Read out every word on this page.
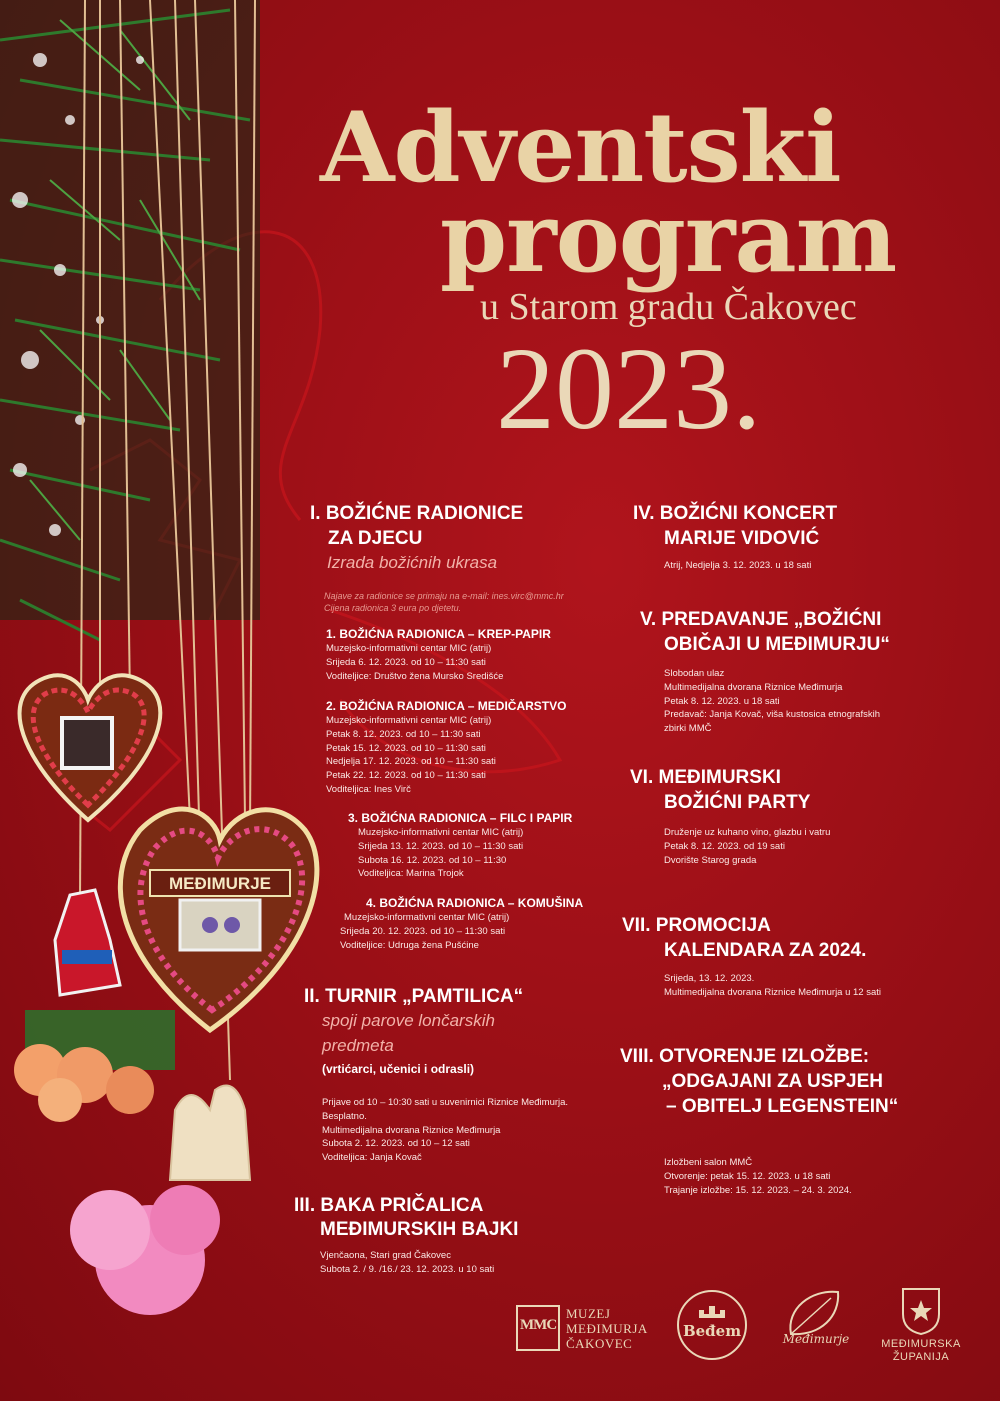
MEĐIMURJE
Adventski
program
u Starom gradu Čakovec
2023.
I. BOŽIĆNE RADIONICE
ZA DJECU
Izrada božićnih ukrasa
Najave za radionice se primaju na e-mail: ines.virc@mmc.hr
Cijena radionica 3 eura po djetetu.
1. BOŽIĆNA RADIONICA – KREP-PAPIR
Muzejsko-informativni centar MIC (atrij)
Srijeda 6. 12. 2023. od 10 – 11:30 sati
Voditeljice: Društvo žena Mursko Središće
2. BOŽIĆNA RADIONICA – MEDIČARSTVO
Muzejsko-informativni centar MIC (atrij)
Petak 8. 12. 2023. od 10 – 11:30 sati
Petak 15. 12. 2023. od 10 – 11:30 sati
Nedjelja 17. 12. 2023. od 10 – 11:30 sati
Petak 22. 12. 2023. od 10 – 11:30 sati
Voditeljica: Ines Virč
3. BOŽIĆNA RADIONICA – FILC I PAPIR
Muzejsko-informativni centar MIC (atrij)
Srijeda 13. 12. 2023. od 10 – 11:30 sati
Subota 16. 12. 2023. od 10 – 11:30
Voditeljica: Marina Trojok
4. BOŽIĆNA RADIONICA – KOMUŠINA
Muzejsko-informativni centar MIC (atrij)
Srijeda 20. 12. 2023. od 10 – 11:30 sati
Voditeljice: Udruga žena Pušćine
II. TURNIR „PAMTILICA“
spoji parove lončarskih
predmeta
(vrtićarci, učenici i odrasli)
Prijave od 10 – 10:30 sati u suvenirnici Riznice Međimurja.
Besplatno.
Multimedijalna dvorana Riznice Međimurja
Subota 2. 12. 2023. od 10 – 12 sati
Voditeljica: Janja Kovač
III. BAKA PRIČALICA
MEĐIMURSKIH BAJKI
Vjenčaona, Stari grad Čakovec
Subota 2. / 9. /16./ 23. 12. 2023. u 10 sati
IV. BOŽIĆNI KONCERT
MARIJE VIDOVIĆ
Atrij, Nedjelja 3. 12. 2023. u 18 sati
V. PREDAVANJE „BOŽIĆNI
OBIČAJI U MEĐIMURJU“
Slobodan ulaz
Multimedijalna dvorana Riznice Međimurja
Petak 8. 12. 2023. u 18 sati
Predavač: Janja Kovač, viša kustosica etnografskih
zbirki MMČ
VI. MEĐIMURSKI
BOŽIĆNI PARTY
Druženje uz kuhano vino, glazbu i vatru
Petak 8. 12. 2023. od 19 sati
Dvorište Starog grada
VII. PROMOCIJA
KALENDARA ZA 2024.
Srijeda, 13. 12. 2023.
Multimedijalna dvorana Riznice Međimurja u 12 sati
VIII. OTVORENJE IZLOŽBE:
„ODGAJANI ZA USPJEH
– OBITELJ LEGENSTEIN“
Izložbeni salon MMČ
Otvorenje: petak 15. 12. 2023. u 18 sati
Trajanje izložbe: 15. 12. 2023. – 24. 3. 2024.
MMC
MUZEJ
MEĐIMURJA
ČAKOVEC
Beđem	Međimurje	MEĐIMURSKA
ŽUPANIJA
